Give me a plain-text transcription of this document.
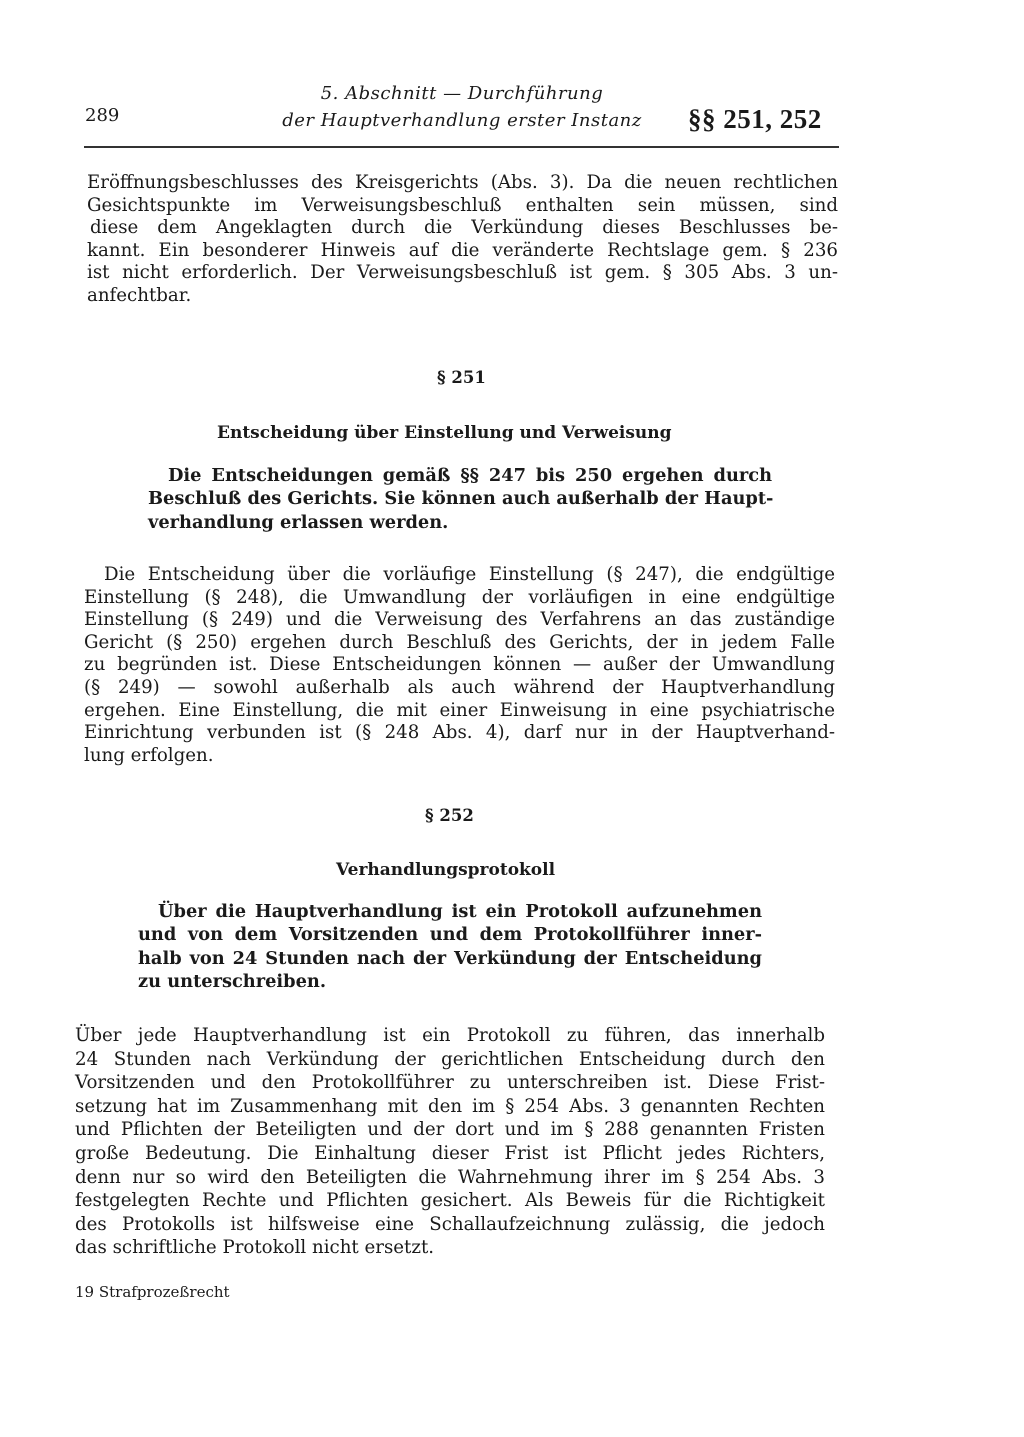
289
5. Abschnitt — Durchführung
der Hauptverhandlung erster Instanz	§§ 251, 252
Eröffnungsbeschlusses des Kreisgerichts (Abs. 3). Da die neuen rechtlichen
Gesichtspunkte im Verweisungsbeschluß enthalten sein müssen, sind
diese dem Angeklagten durch die Verkündung dieses Beschlusses be-
kannt. Ein besonderer Hinweis auf die veränderte Rechtslage gem. § 236
ist nicht erforderlich. Der Verweisungsbeschluß ist gem. § 305 Abs. 3 un-
anfechtbar.
§ 251
Entscheidung über Einstellung und Verweisung
Die Entscheidungen gemäß §§ 247 bis 250 ergehen durch
Beschluß des Gerichts. Sie können auch außerhalb der Haupt-
verhandlung erlassen werden.
Die Entscheidung über die vorläufige Einstellung (§ 247), die endgültige
Einstellung (§ 248), die Umwandlung der vorläufigen in eine endgültige
Einstellung (§ 249) und die Verweisung des Verfahrens an das zuständige
Gericht (§ 250) ergehen durch Beschluß des Gerichts, der in jedem Falle
zu begründen ist. Diese Entscheidungen können — außer der Umwandlung
(§ 249) — sowohl außerhalb als auch während der Hauptverhandlung
ergehen. Eine Einstellung, die mit einer Einweisung in eine psychiatrische
Einrichtung verbunden ist (§ 248 Abs. 4), darf nur in der Hauptverhand-
lung erfolgen.
§ 252
Verhandlungsprotokoll
Über die Hauptverhandlung ist ein Protokoll aufzunehmen
und von dem Vorsitzenden und dem Protokollführer inner-
halb von 24 Stunden nach der Verkündung der Entscheidung
zu unterschreiben.
Über jede Hauptverhandlung ist ein Protokoll zu führen, das innerhalb
24 Stunden nach Verkündung der gerichtlichen Entscheidung durch den
Vorsitzenden und den Protokollführer zu unterschreiben ist. Diese Frist-
setzung hat im Zusammenhang mit den im § 254 Abs. 3 genannten Rechten
und Pflichten der Beteiligten und der dort und im § 288 genannten Fristen
große Bedeutung. Die Einhaltung dieser Frist ist Pflicht jedes Richters,
denn nur so wird den Beteiligten die Wahrnehmung ihrer im § 254 Abs. 3
festgelegten Rechte und Pflichten gesichert. Als Beweis für die Richtigkeit
des Protokolls ist hilfsweise eine Schallaufzeichnung zulässig, die jedoch
das schriftliche Protokoll nicht ersetzt.
19 Strafprozeßrecht
